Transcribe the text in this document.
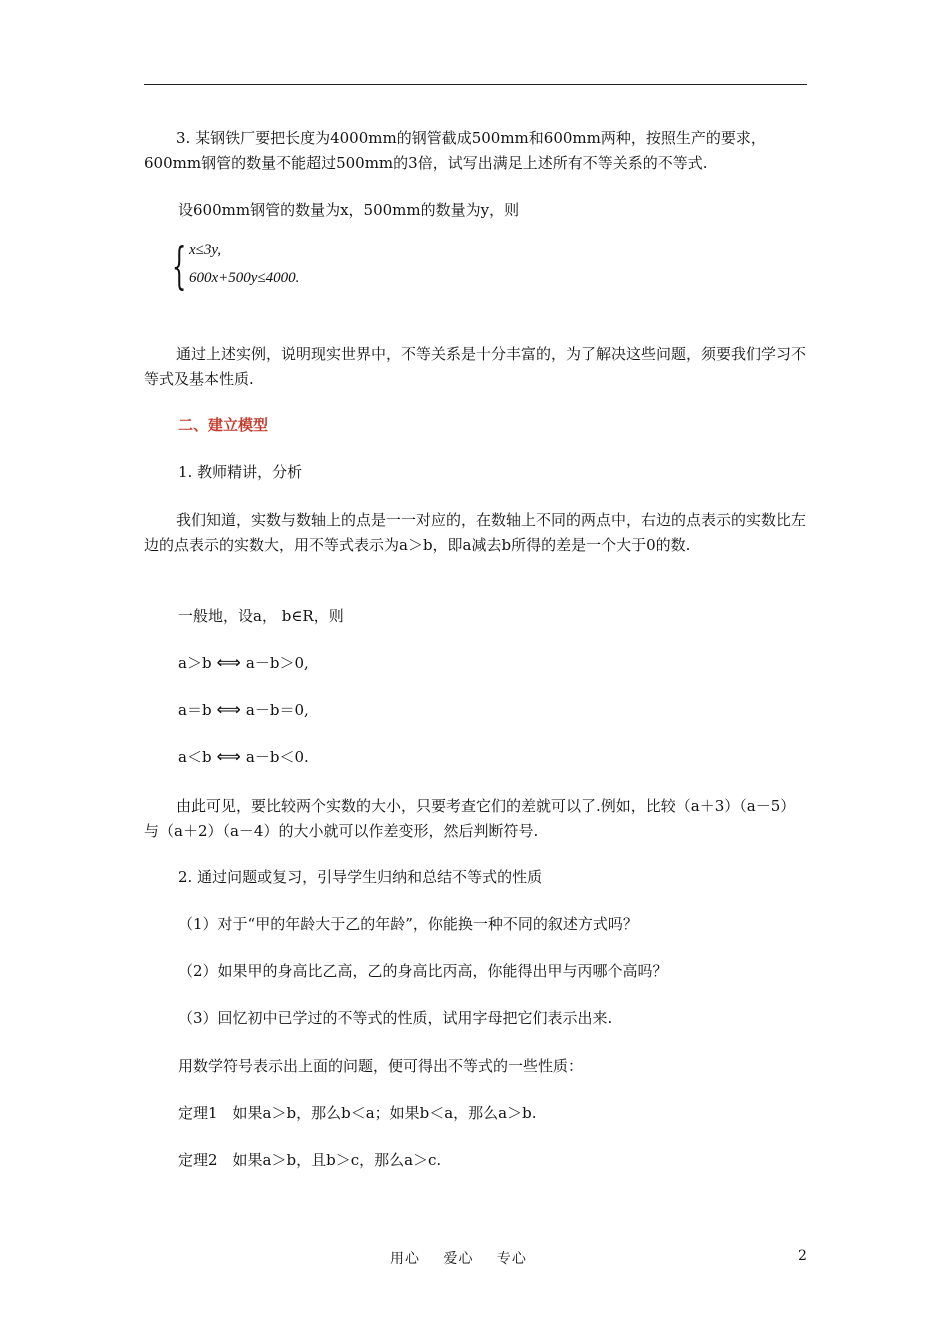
3. 某钢铁厂要把长度为4000mm的钢管截成500mm和600mm两种，按照生产的要求，600mm钢管的数量不能超过500mm的3倍，试写出满足上述所有不等关系的不等式.

设600mm钢管的数量为x，500mm的数量为y，则

{ x≤3y,
600x+500y≤4000.

通过上述实例，说明现实世界中，不等关系是十分丰富的，为了解决这些问题，须要我们学习不等式及基本性质.

二、建立模型

1. 教师精讲，分析

我们知道，实数与数轴上的点是一一对应的，在数轴上不同的两点中，右边的点表示的实数比左边的点表示的实数大，用不等式表示为a＞b，即a减去b所得的差是一个大于0的数.

一般地，设a， b∈R，则

a＞b ⟺ a－b＞0,

a＝b ⟺ a－b＝0,

a＜b ⟺ a－b＜0.

由此可见，要比较两个实数的大小，只要考查它们的差就可以了.例如，比较（a＋3）（a－5）与（a＋2）（a－4）的大小就可以作差变形，然后判断符号.

2. 通过问题或复习，引导学生归纳和总结不等式的性质

（1）对于“甲的年龄大于乙的年龄”，你能换一种不同的叙述方式吗？

（2）如果甲的身高比乙高，乙的身高比丙高，你能得出甲与丙哪个高吗？

（3）回忆初中已学过的不等式的性质，试用字母把它们表示出来.

用数学符号表示出上面的问题，便可得出不等式的一些性质：

定理1　如果a＞b，那么b＜a；如果b＜a，那么a＞b.

定理2　如果a＞b，且b＞c，那么a＞c.

用心 爱心 专心	2
